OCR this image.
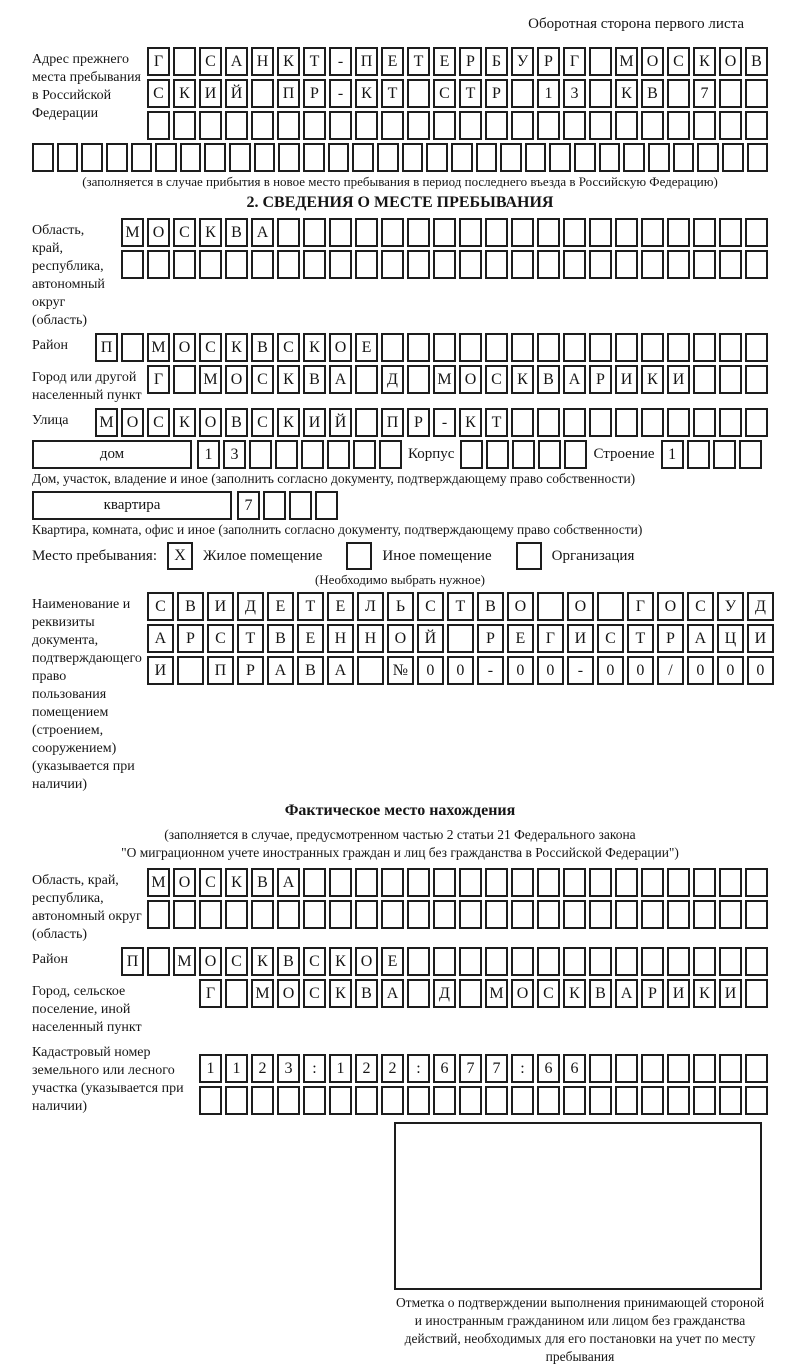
Оборотная сторона первого листа
Адрес прежнего места пребывания в Российской Федерации
Г	С А Н К Т	-	П Е	Т	Е	Р	Б У Р	Г	М О С К О В
С К И Й	П Р	-	К Т	С Т	Р	1	3	К В	7
(заполняется в случае прибытия в новое место пребывания в период последнего въезда в Российскую Федерацию)
2. СВЕДЕНИЯ О МЕСТЕ ПРЕБЫВАНИЯ
Область, край, республика, автономный округ (область)
М О С К В А
Район	П	М О С К В С К О Е
Город или другой населенный пункт
Г	М О С К В А	Д	М О С К В А Р И К И
Улица	М О С К О В С К И Й	П Р	-	К Т
дом	1	3	Корпус	Строение 1
Дом, участок, владение и иное (заполнить согласно документу, подтверждающему право собственности)
квартира	7
Квартира, комната, офис и иное (заполнить согласно документу, подтверждающему право собственности)
Место пребывания:	X	Жилое помещение	Иное помещение	Организация
(Необходимо выбрать нужное)
Наименование и реквизиты документа, подтверждающего право пользования помещением (строением, сооружением) (указывается при наличии)
С	В	И	Д	Е	Т	Е	Л	Ь	С	Т	В	О	О	Г	О	С	У	Д
А	Р	С	Т	В	Е	Н	Н	О	Й	Р	Е	Г	И	С	Т	Р	А	Ц	И
И	П	Р	А	В	А	№	0	0	-	0	0	-	0	0	/	0	0	0
Фактическое место нахождения
(заполняется в случае, предусмотренном частью 2 статьи 21 Федерального закона
"О миграционном учете иностранных граждан и лиц без гражданства в Российской Федерации")
Область, край, республика, автономный округ (область)
М О С К В А
Район	П	М О С К В С К О Е
Город, сельское поселение, иной населенный пункт
Г	М О С К В А	Д	М О С К В А Р И К И
Кадастровый номер земельного или лесного участка (указывается при наличии)
1	1	2	3	:	1	2	2	:	6	7	7	:	6	6
Отметка о подтверждении выполнения принимающей стороной и иностранным гражданином или лицом без гражданства действий, необходимых для его постановки на учет по месту пребывания
